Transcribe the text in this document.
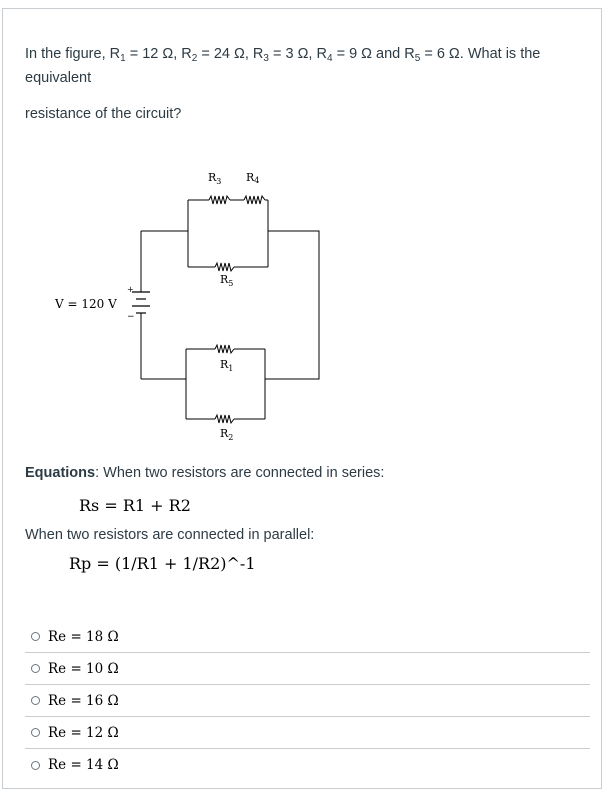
In the figure, $R_1 = 12$ Ω, $R_2 = 24$ Ω, $R_3 = 3$ Ω, $R_4 = 9$ Ω and $R_5 = 6$ Ω. What is the equivalent

resistance of the circuit?

+
−
V = 120 V
$R_3$ R4
$R_5$
$R_1$
$R_2$
Equations: When two resistors are connected in series:
Rs = R1 + R2
When two resistors are connected in parallel:
Rp = (1/R1 + 1/R2)^-1
Re = 18 Ω
Re = 10 Ω
Re = 16 Ω
Re = 12 Ω
Re = 14 Ω
